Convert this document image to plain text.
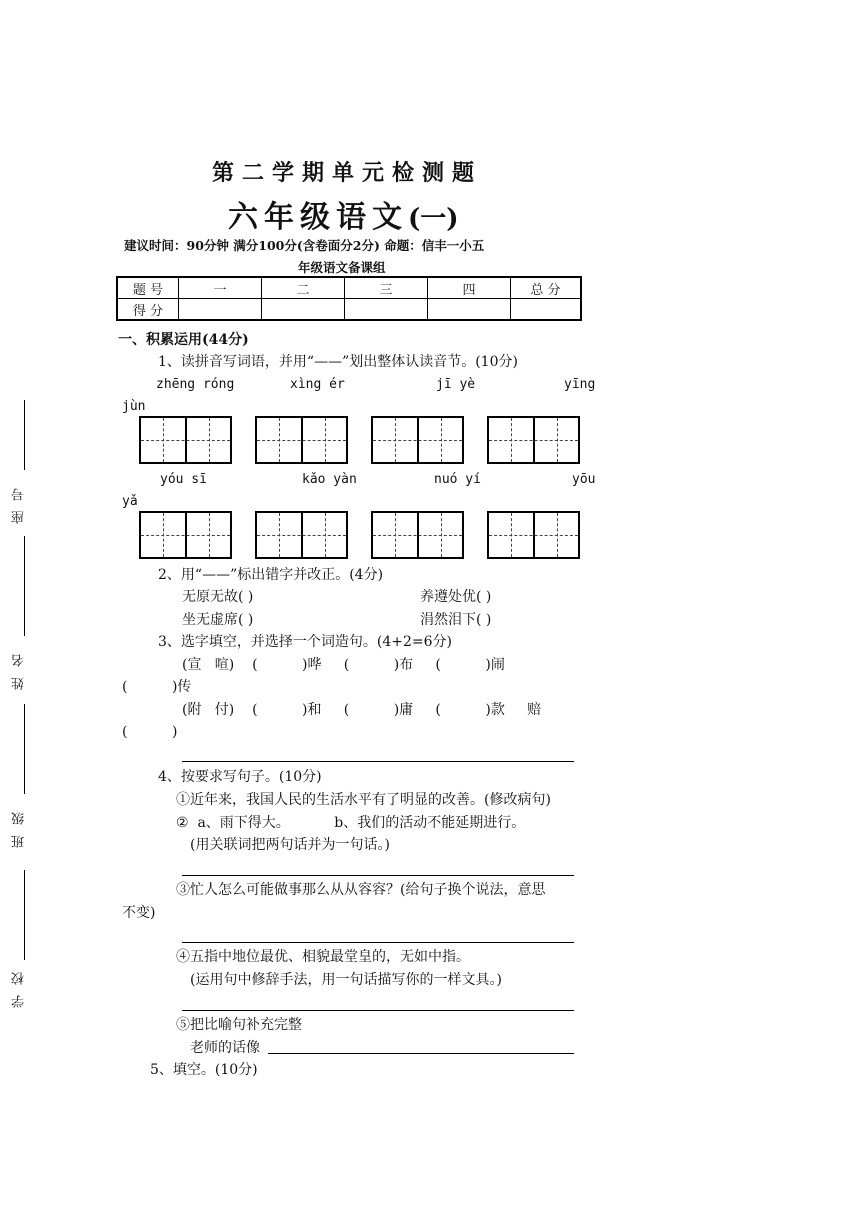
第二学期单元检测题
六年级语文(一)
建议时间：90分钟 满分100分(含卷面分2分) 命题：信丰一小五
年级语文备课组
题 号	一	二	三	四	总 分
得 分					
座号
姓名
班级
学校
一、积累运用(44分)
1、读拼音写词语，并用“——”划出整体认读音节。(10分)
zhēng róng	xìng ér	jī yè	yīng
jùn
yóu sī	kǎo yàn	nuó yí	yōu
yǎ
2、用“——”标出错字并改正。(4分)
无原无故( )	养遵处优( )
坐无虚席( )	涓然泪下( )
3、选字填空，并选择一个词造句。(4+2=6分)
(宣   喧)    (          )哗     (          )布     (          )闹
(          )传
(附   付)    (          )和     (          )庸     (          )款     赔
(          )
4、按要求写句子。(10分)
①近年来，我国人民的生活水平有了明显的改善。(修改病句)
②  a、雨下得大。          b、我们的活动不能延期进行。
(用关联词把两句话并为一句话。)
③忙人怎么可能做事那么从从容容？(给句子换个说法，意思
不变)
④五指中地位最优、相貌最堂皇的，无如中指。
(运用句中修辞手法，用一句话描写你的一样文具。)
⑤把比喻句补充完整
老师的话像
5、填空。(10分)
